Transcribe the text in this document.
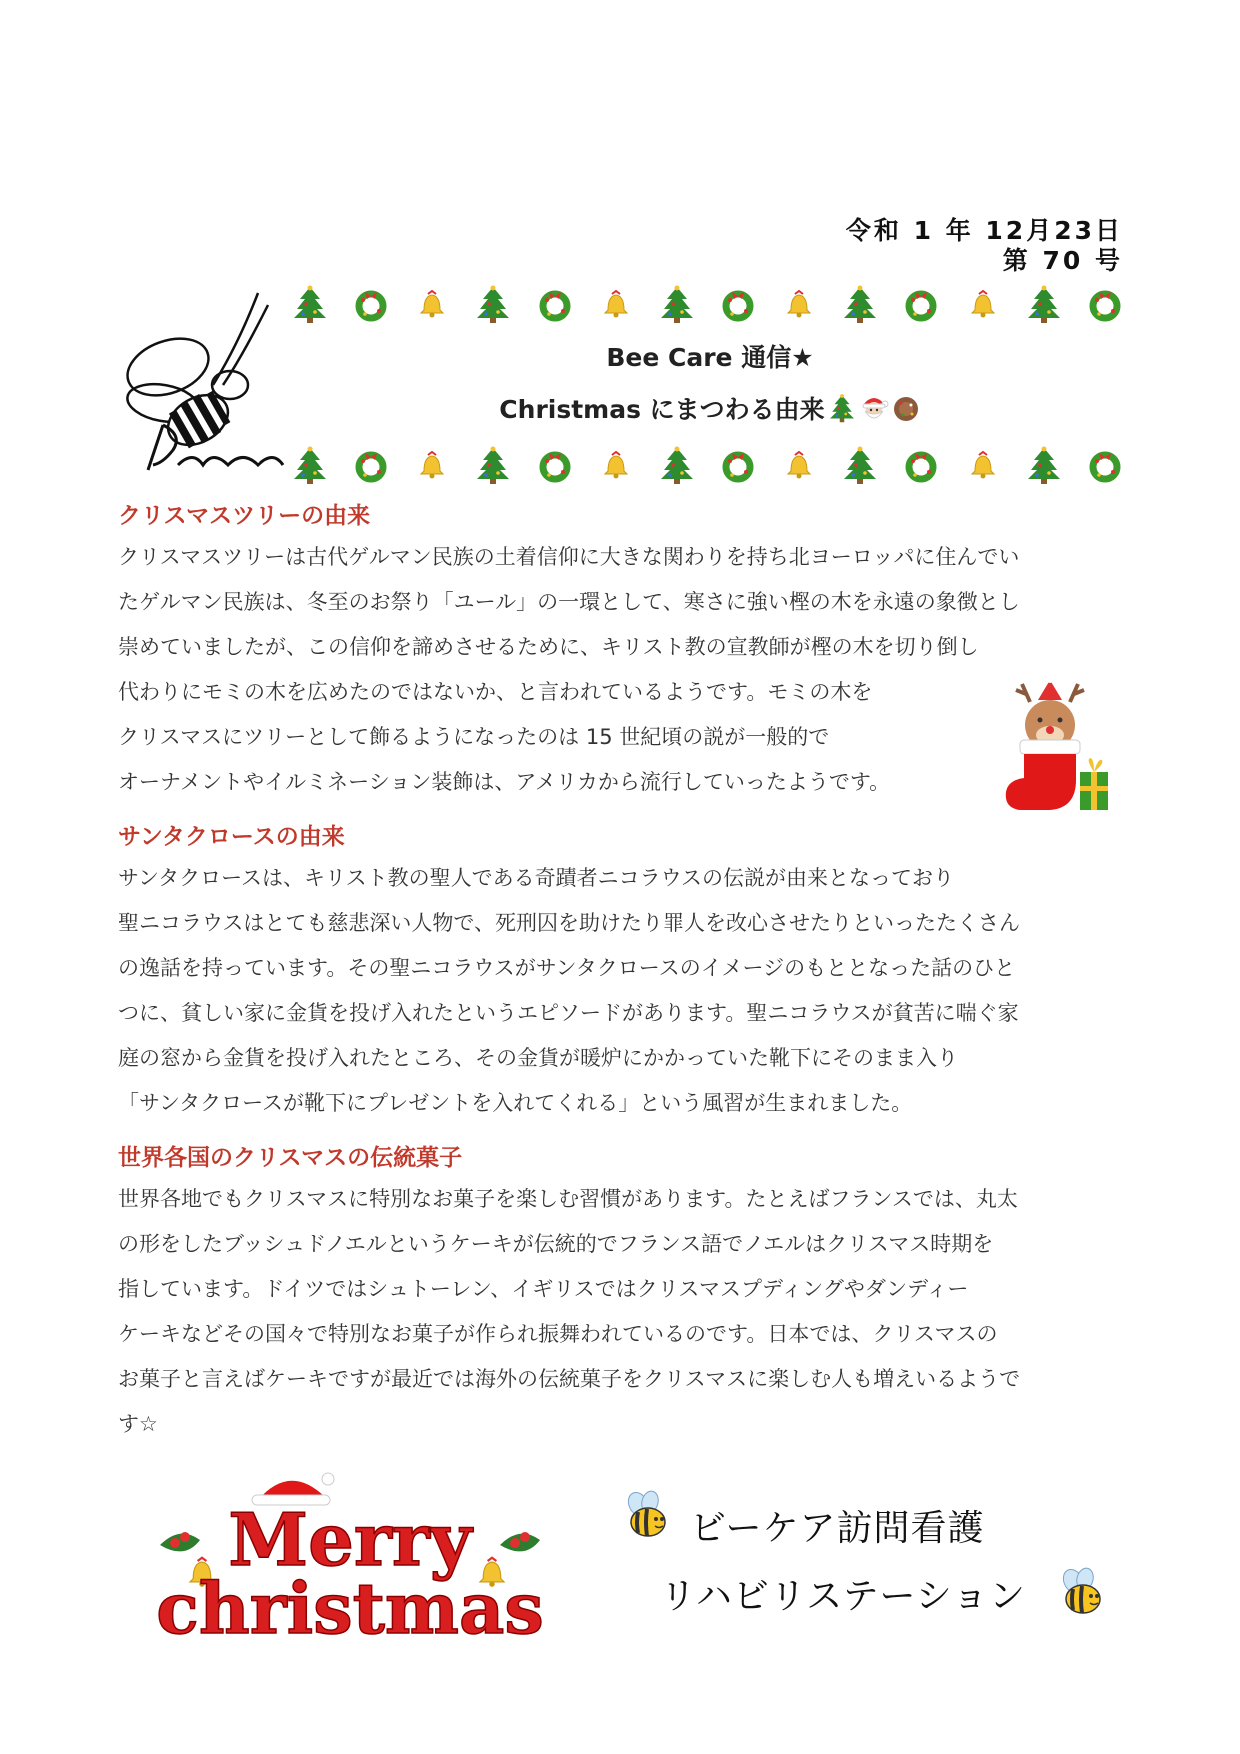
令和 1 年 12月23日
第 70 号
Bee
Bee Care 通信★
Christmas にまつわる由来
クリスマスツリーの由来
クリスマスツリーは古代ゲルマン民族の土着信仰に大きな関わりを持ち北ヨーロッパに住んでい
たゲルマン民族は、冬至のお祭り「ユール」の一環として、寒さに強い樫の木を永遠の象徴とし
崇めていましたが、この信仰を諦めさせるために、キリスト教の宣教師が樫の木を切り倒し
代わりにモミの木を広めたのではないか、と言われているようです。モミの木を
クリスマスにツリーとして飾るようになったのは 15 世紀頃の説が一般的で
オーナメントやイルミネーション装飾は、アメリカから流行していったようです。
サンタクロースの由来
サンタクロースは、キリスト教の聖人である奇蹟者ニコラウスの伝説が由来となっており
聖ニコラウスはとても慈悲深い人物で、死刑囚を助けたり罪人を改心させたりといったたくさん
の逸話を持っています。その聖ニコラウスがサンタクロースのイメージのもととなった話のひと
つに、貧しい家に金貨を投げ入れたというエピソードがあります。聖ニコラウスが貧苦に喘ぐ家
庭の窓から金貨を投げ入れたところ、その金貨が暖炉にかかっていた靴下にそのまま入り
「サンタクロースが靴下にプレゼントを入れてくれる」という風習が生まれました。
世界各国のクリスマスの伝統菓子
世界各地でもクリスマスに特別なお菓子を楽しむ習慣があります。たとえばフランスでは、丸太
の形をしたブッシュドノエルというケーキが伝統的でフランス語でノエルはクリスマス時期を
指しています。ドイツではシュトーレン、イギリスではクリスマスプディングやダンディー
ケーキなどその国々で特別なお菓子が作られ振舞われているのです。日本では、クリスマスの
お菓子と言えばケーキですが最近では海外の伝統菓子をクリスマスに楽しむ人も増えいるようで
す☆
Merry
christmas
ビーケア訪問看護
リハビリステーション
